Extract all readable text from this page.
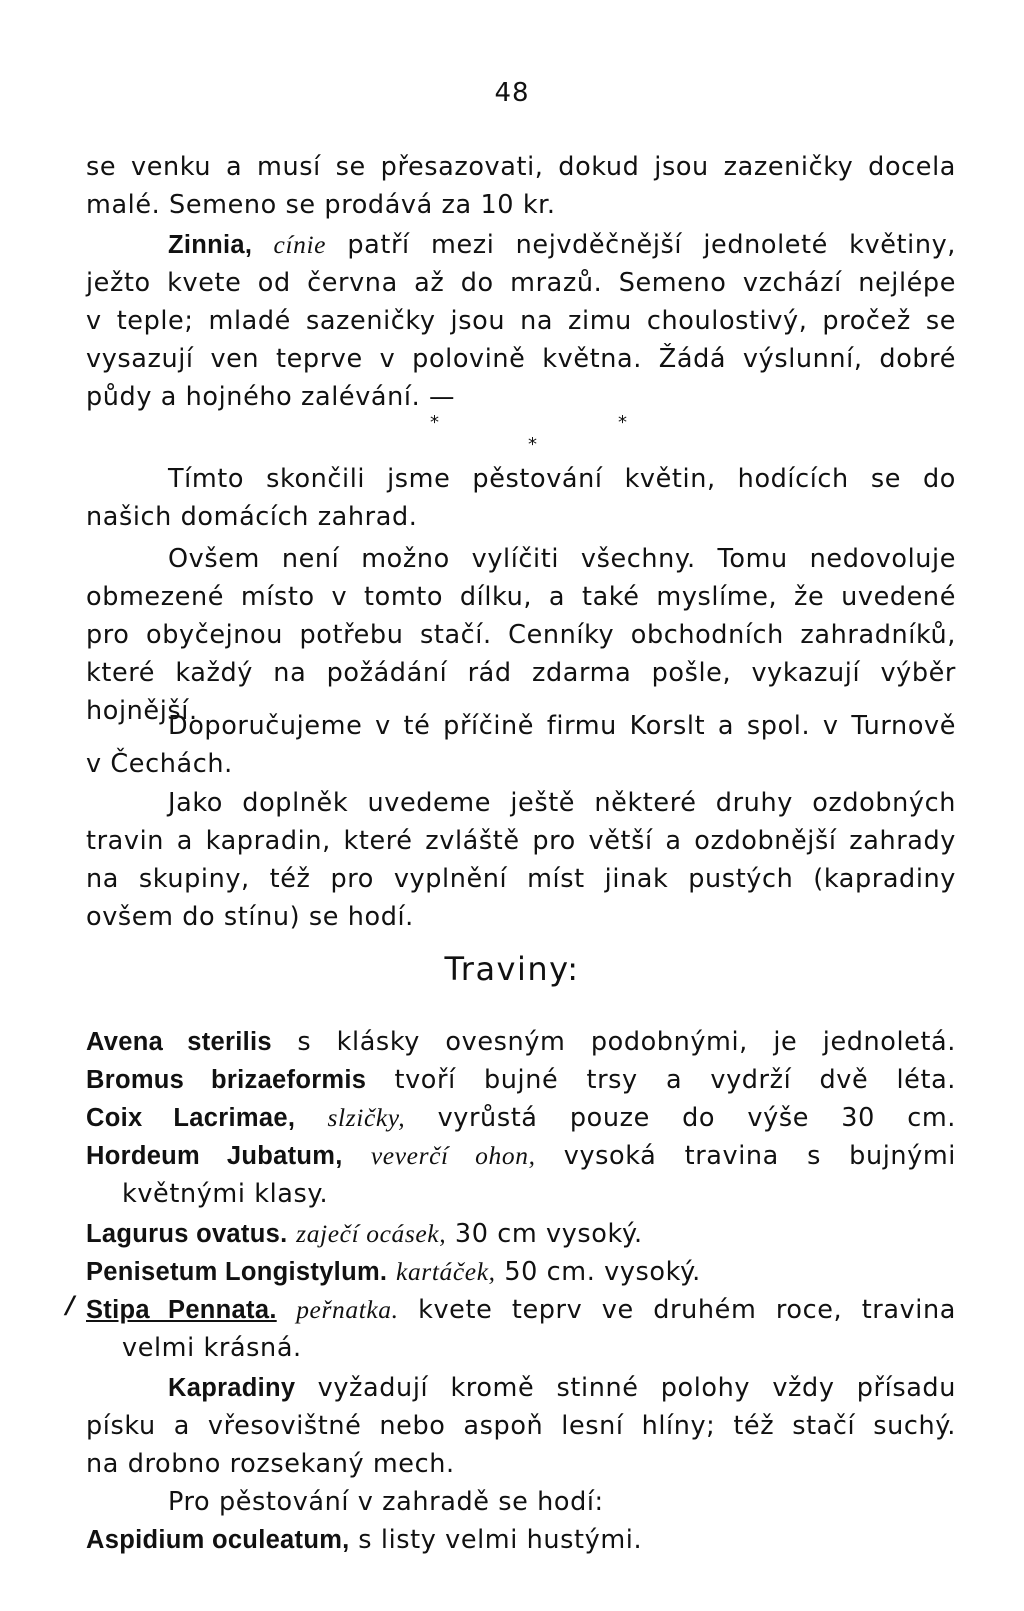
48
se venku a musí se přesazovati, dokud jsou zazeničky docela
malé. Semeno se prodává za 10 kr.
Zinnia, cínie patří mezi nejvděčnější jednoleté květiny,
ježto kvete od června až do mrazů. Semeno vzchází nejlépe
v teple; mladé sazeničky jsou na zimu choulostivý, pročež se
vysazují ven teprve v polovině května. Žádá výslunní, dobré
půdy a hojného zalévání. —
*	*
*
Tímto skončili jsme pěstování květin, hodících se do
našich domácích zahrad.
Ovšem není možno vylíčiti všechny. Tomu nedovoluje
obmezené místo v tomto dílku, a také myslíme, že uvedené
pro obyčejnou potřebu stačí. Cenníky obchodních zahradníků,
které každý na požádání rád zdarma pošle, vykazují výběr
hojnější.
Doporučujeme v té příčině firmu Korslt a spol. v Turnově
v Čechách.
Jako doplněk uvedeme ještě některé druhy ozdobných
travin a kapradin, které zvláště pro větší a ozdobnější zahrady
na skupiny, též pro vyplnění míst jinak pustých (kapradiny
ovšem do stínu) se hodí.
Traviny:
Avena sterilis s klásky ovesným podobnými, je jednoletá.
Bromus brizaeformis tvoří bujné trsy a vydrží dvě léta.
Coix Lacrimae, slzičky, vyrůstá pouze do výše 30 cm.
Hordeum Jubatum, veverčí ohon, vysoká travina s bujnými
květnými klasy.
Lagurus ovatus. zaječí ocásek, 30 cm vysoký.
Penisetum Longistylum. kartáček, 50 cm. vysoký.
/ Stipa Pennata. peřnatka. kvete teprv ve druhém roce, travina
velmi krásná.
Kapradiny vyžadují kromě stinné polohy vždy přísadu
písku a vřesovištné nebo aspoň lesní hlíny; též stačí suchý.
na drobno rozsekaný mech.
Pro pěstování v zahradě se hodí:
Aspidium oculeatum, s listy velmi hustými.
